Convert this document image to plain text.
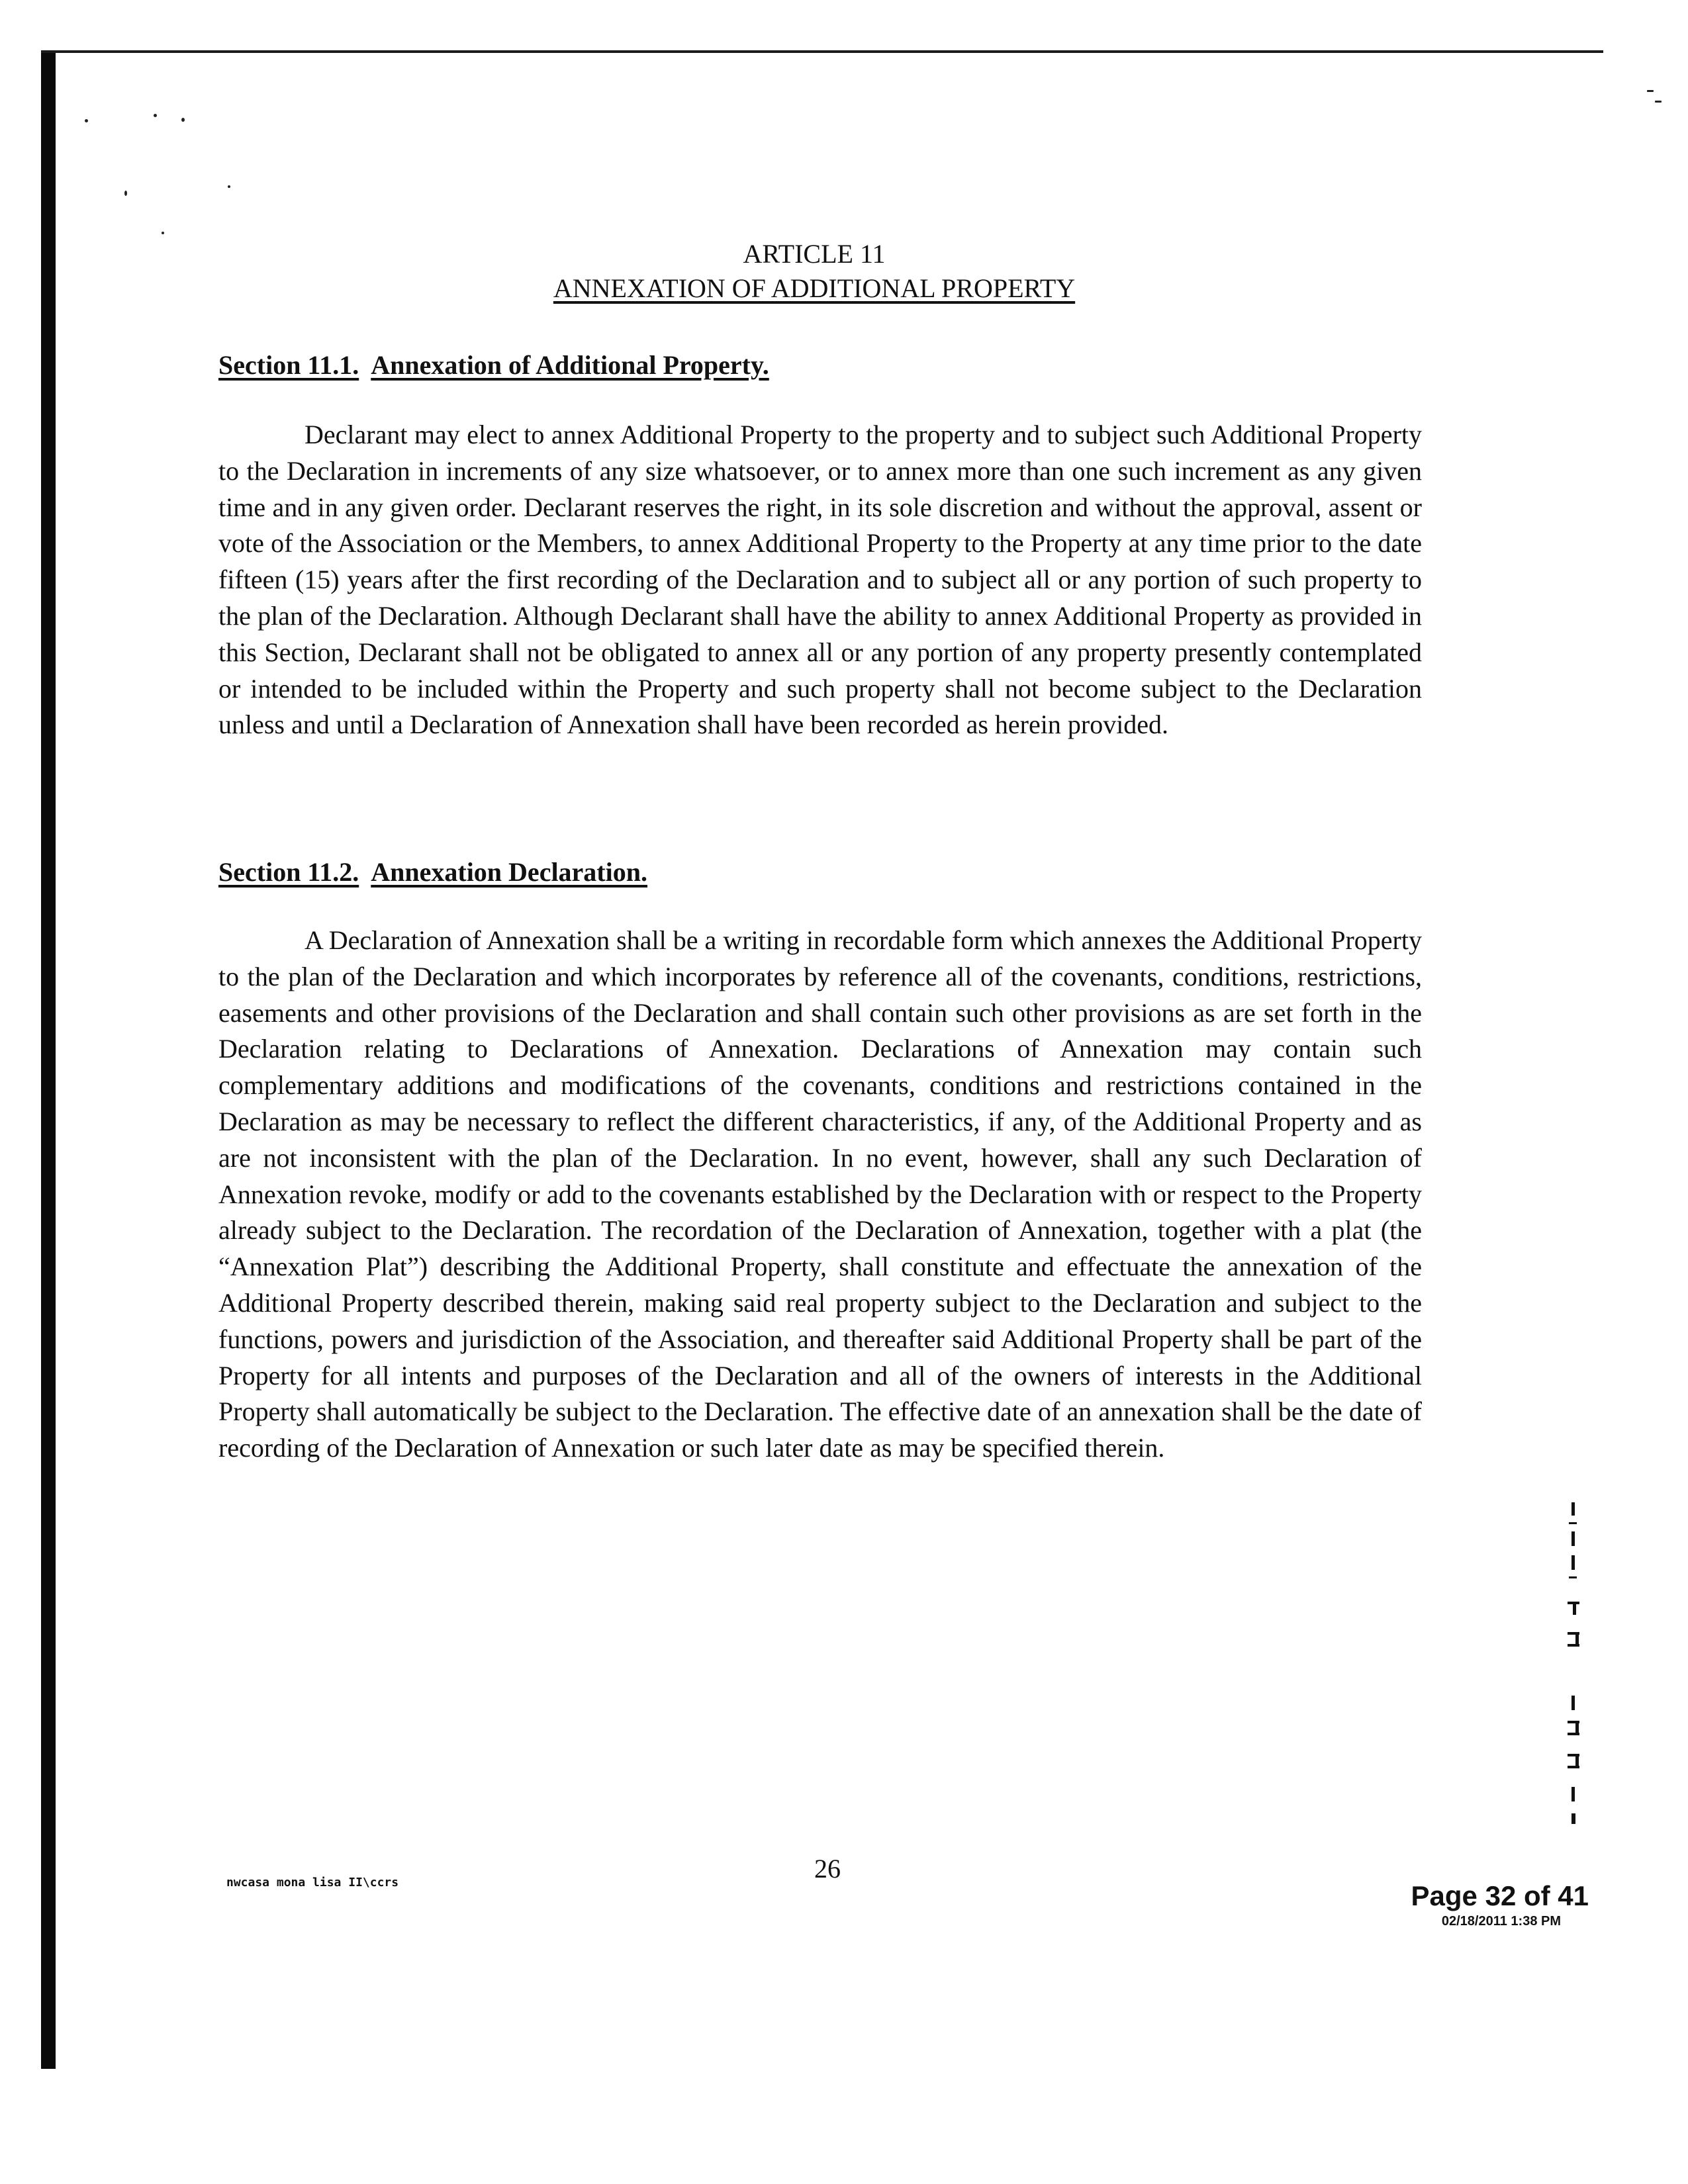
ARTICLE 11
ANNEXATION OF ADDITIONAL PROPERTY
Section 11.1. Annexation of Additional Property.

Declarant may elect to annex Additional Property to the property and to subject such Additional Property to the Declaration in increments of any size whatsoever, or to annex more than one such increment as any given time and in any given order. Declarant reserves the right, in its sole discretion and without the approval, assent or vote of the Association or the Members, to annex Additional Property to the Property at any time prior to the date fifteen (15) years after the first recording of the Declaration and to subject all or any portion of such property to the plan of the Declaration. Although Declarant shall have the ability to annex Additional Property as provided in this Section, Declarant shall not be obligated to annex all or any portion of any property presently contemplated or intended to be included within the Property and such property shall not become subject to the Declaration unless and until a Declaration of Annexation shall have been recorded as herein provided.

Section 11.2. Annexation Declaration.

A Declaration of Annexation shall be a writing in recordable form which annexes the Additional Property to the plan of the Declaration and which incorporates by reference all of the covenants, conditions, restrictions, easements and other provisions of the Declaration and shall contain such other provisions as are set forth in the Declaration relating to Declarations of Annexation. Declarations of Annexation may contain such complementary additions and modifications of the covenants, conditions and restrictions contained in the Declaration as may be necessary to reflect the different characteristics, if any, of the Additional Property and as are not inconsistent with the plan of the Declaration. In no event, however, shall any such Declaration of Annexation revoke, modify or add to the covenants established by the Declaration with or respect to the Property already subject to the Declaration. The recordation of the Declaration of Annexation, together with a plat (the “Annexation Plat”) describing the Additional Property, shall constitute and effectuate the annexation of the Additional Property described therein, making said real property subject to the Declaration and subject to the functions, powers and jurisdiction of the Association, and thereafter said Additional Property shall be part of the Property for all intents and purposes of the Declaration and all of the owners of interests in the Additional Property shall automatically be subject to the Declaration. The effective date of an annexation shall be the date of recording of the Declaration of Annexation or such later date as may be specified therein.

nwcasa mona lisa II\ccrs	26
Page 32 of 41
02/18/2011 1:38 PM
